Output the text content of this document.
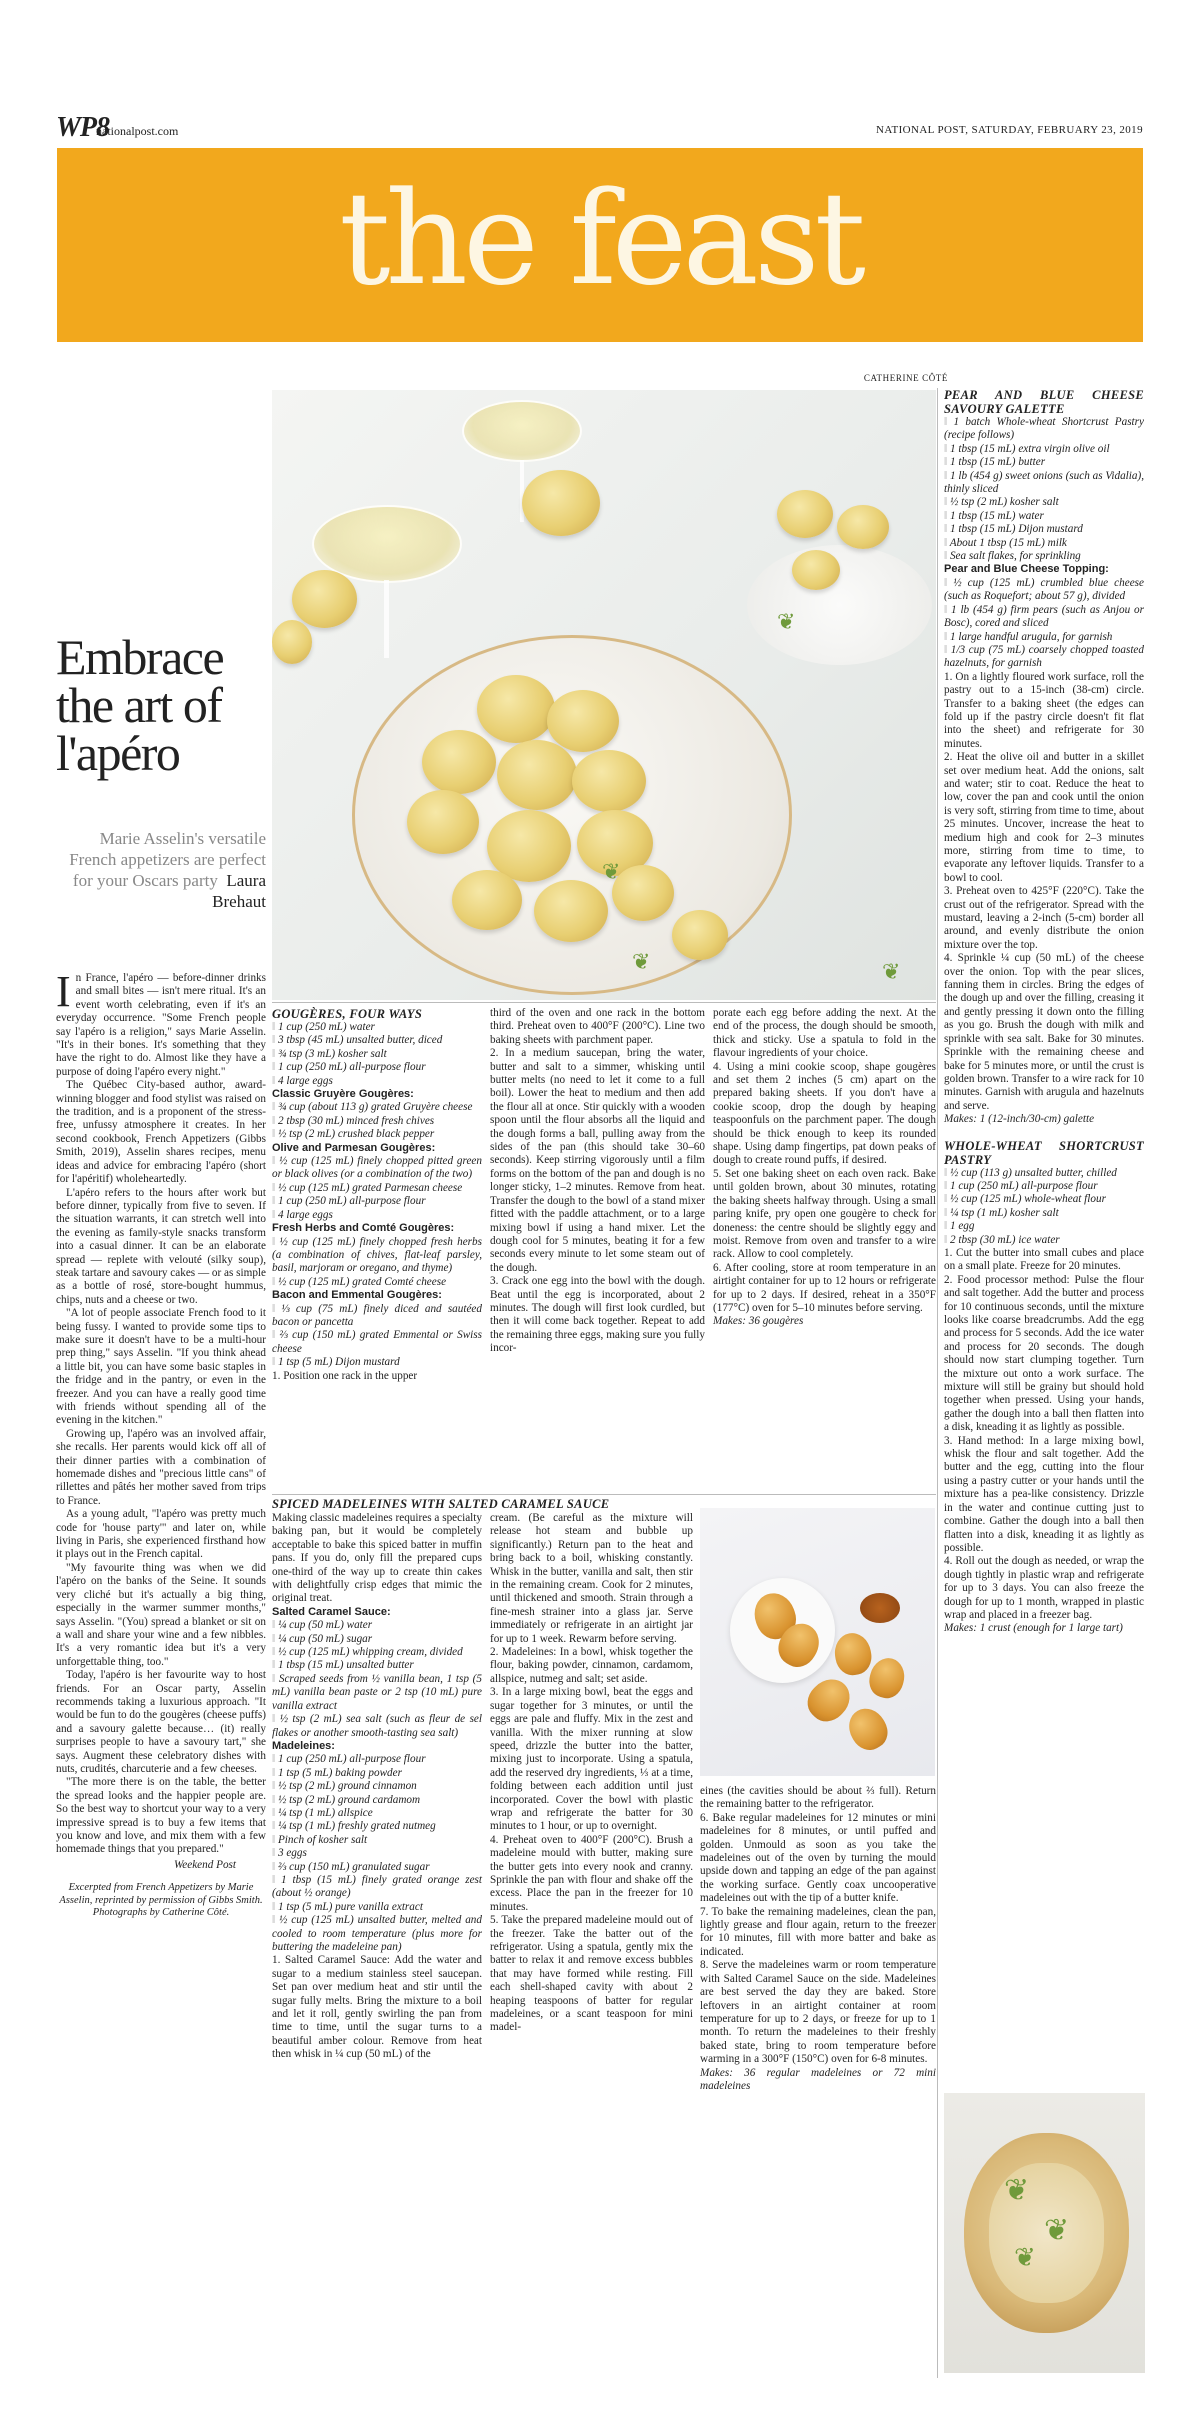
WP8
nationalpost.com	NATIONAL POST, SATURDAY, FEBRUARY 23, 2019
the feast
CATHERINE CÔTÉ
❦
❦
❦	❦
Embrace the art of l'apéro
Marie Asselin's versatile French appetizers are perfect for your Oscars party Laura Brehaut
I n France, l'apéro — before-dinner drinks and small bites — isn't mere ritual. It's an event worth celebrating, even if it's an everyday occurrence. "Some French people say l'apéro is a religion," says Marie Asselin. "It's in their bones. It's something that they have the right to do. Almost like they have a purpose of doing l'apéro every night."

The Québec City-based author, award-winning blogger and food stylist was raised on the tradition, and is a proponent of the stress-free, unfussy atmosphere it creates. In her second cookbook, French Appetizers (Gibbs Smith, 2019), Asselin shares recipes, menu ideas and advice for embracing l'apéro (short for l'apéritif) wholeheartedly.

L'apéro refers to the hours after work but before dinner, typically from five to seven. If the situation warrants, it can stretch well into the evening as family-style snacks transform into a casual dinner. It can be an elaborate spread — replete with velouté (silky soup), steak tartare and savoury cakes — or as simple as a bottle of rosé, store-bought hummus, chips, nuts and a cheese or two.

"A lot of people associate French food to it being fussy. I wanted to provide some tips to make sure it doesn't have to be a multi-hour prep thing," says Asselin. "If you think ahead a little bit, you can have some basic staples in the fridge and in the pantry, or even in the freezer. And you can have a really good time with friends without spending all of the evening in the kitchen."

Growing up, l'apéro was an involved affair, she recalls. Her parents would kick off all of their dinner parties with a combination of homemade dishes and "precious little cans" of rillettes and pâtés her mother saved from trips to France.

As a young adult, "l'apéro was pretty much code for 'house party'" and later on, while living in Paris, she experienced firsthand how it plays out in the French capital.

"My favourite thing was when we did l'apéro on the banks of the Seine. It sounds very cliché but it's actually a big thing, especially in the warmer summer months," says Asselin. "(You) spread a blanket or sit on a wall and share your wine and a few nibbles. It's a very romantic idea but it's a very unforgettable thing, too."

Today, l'apéro is her favourite way to host friends. For an Oscar party, Asselin recommends taking a luxurious approach. "It would be fun to do the gougères (cheese puffs) and a savoury galette because… (it) really surprises people to have a savoury tart," she says. Augment these celebratory dishes with nuts, crudités, charcuterie and a few cheeses.

"The more there is on the table, the better the spread looks and the happier people are. So the best way to shortcut your way to a very impressive spread is to buy a few items that you know and love, and mix them with a few homemade things that you prepared."

Weekend Post

Excerpted from French Appetizers by Marie Asselin, reprinted by permission of Gibbs Smith. Photographs by Catherine Côté.

GOUGÈRES, FOUR WAYS
‖ 1 cup (250 mL) water
‖ 3 tbsp (45 mL) unsalted butter, diced
‖ ¾ tsp (3 mL) kosher salt
‖ 1 cup (250 mL) all-purpose flour
‖ 4 large eggs
Classic Gruyère Gougères:
‖ ¾ cup (about 113 g) grated Gruyère cheese
‖ 2 tbsp (30 mL) minced fresh chives
‖ ½ tsp (2 mL) crushed black pepper
Olive and Parmesan Gougères:
‖ ½ cup (125 mL) finely chopped pitted green or black olives (or a combination of the two)
‖ ½ cup (125 mL) grated Parmesan cheese
‖ 1 cup (250 mL) all-purpose flour
‖ 4 large eggs
Fresh Herbs and Comté Gougères:
‖ ½ cup (125 mL) finely chopped fresh herbs (a combination of chives, flat-leaf parsley, basil, marjoram or oregano, and thyme)
‖ ½ cup (125 mL) grated Comté cheese
Bacon and Emmental Gougères:
‖ ⅓ cup (75 mL) finely diced and sautéed bacon or pancetta
‖ ⅔ cup (150 mL) grated Emmental or Swiss cheese
‖ 1 tsp (5 mL) Dijon mustard
1. Position one rack in the upper

third of the oven and one rack in the bottom third. Preheat oven to 400°F (200°C). Line two baking sheets with parchment paper.

2. In a medium saucepan, bring the water, butter and salt to a simmer, whisking until butter melts (no need to let it come to a full boil). Lower the heat to medium and then add the flour all at once. Stir quickly with a wooden spoon until the flour absorbs all the liquid and the dough forms a ball, pulling away from the sides of the pan (this should take 30–60 seconds). Keep stirring vigorously until a film forms on the bottom of the pan and dough is no longer sticky, 1–2 minutes. Remove from heat. Transfer the dough to the bowl of a stand mixer fitted with the paddle attachment, or to a large mixing bowl if using a hand mixer. Let the dough cool for 5 minutes, beating it for a few seconds every minute to let some steam out of the dough.

3. Crack one egg into the bowl with the dough. Beat until the egg is incorporated, about 2 minutes. The dough will first look curdled, but then it will come back together. Repeat to add the remaining three eggs, making sure you fully incor-

porate each egg before adding the next. At the end of the process, the dough should be smooth, thick and sticky. Use a spatula to fold in the flavour ingredients of your choice.

4. Using a mini cookie scoop, shape gougères and set them 2 inches (5 cm) apart on the prepared baking sheets. If you don't have a cookie scoop, drop the dough by heaping teaspoonfuls on the parchment paper. The dough should be thick enough to keep its rounded shape. Using damp fingertips, pat down peaks of dough to create round puffs, if desired.

5. Set one baking sheet on each oven rack. Bake until golden brown, about 30 minutes, rotating the baking sheets halfway through. Using a small paring knife, pry open one gougère to check for doneness: the centre should be slightly eggy and moist. Remove from oven and transfer to a wire rack. Allow to cool completely.

6. After cooling, store at room temperature in an airtight container for up to 12 hours or refrigerate for up to 2 days. If desired, reheat in a 350°F (177°C) oven for 5–10 minutes before serving.

Makes: 36 gougères

SPICED MADELEINES WITH SALTED CARAMEL SAUCE

Making classic madeleines requires a specialty baking pan, but it would be completely acceptable to bake this spiced batter in muffin pans. If you do, only fill the prepared cups one-third of the way up to create thin cakes with delightfully crisp edges that mimic the original treat.

Salted Caramel Sauce:
‖ ¼ cup (50 mL) water
‖ ¼ cup (50 mL) sugar
‖ ½ cup (125 mL) whipping cream, divided
‖ 1 tbsp (15 mL) unsalted butter
‖ Scraped seeds from ½ vanilla bean, 1 tsp (5 mL) vanilla bean paste or 2 tsp (10 mL) pure vanilla extract
‖ ½ tsp (2 mL) sea salt (such as fleur de sel flakes or another smooth-tasting sea salt)
Madeleines:
‖ 1 cup (250 mL) all-purpose flour
‖ 1 tsp (5 mL) baking powder
‖ ½ tsp (2 mL) ground cinnamon
‖ ½ tsp (2 mL) ground cardamom
‖ ¼ tsp (1 mL) allspice
‖ ¼ tsp (1 mL) freshly grated nutmeg
‖ Pinch of kosher salt
‖ 3 eggs
‖ ⅔ cup (150 mL) granulated sugar
‖ 1 tbsp (15 mL) finely grated orange zest (about ½ orange)
‖ 1 tsp (5 mL) pure vanilla extract
‖ ½ cup (125 mL) unsalted butter, melted and cooled to room temperature (plus more for buttering the madeleine pan)

1. Salted Caramel Sauce: Add the water and sugar to a medium stainless steel saucepan. Set pan over medium heat and stir until the sugar fully melts. Bring the mixture to a boil and let it roll, gently swirling the pan from time to time, until the sugar turns to a beautiful amber colour. Remove from heat then whisk in ¼ cup (50 mL) of the

cream. (Be careful as the mixture will release hot steam and bubble up significantly.) Return pan to the heat and bring back to a boil, whisking constantly. Whisk in the butter, vanilla and salt, then stir in the remaining cream. Cook for 2 minutes, until thickened and smooth. Strain through a fine-mesh strainer into a glass jar. Serve immediately or refrigerate in an airtight jar for up to 1 week. Rewarm before serving.

2. Madeleines: In a bowl, whisk together the flour, baking powder, cinnamon, cardamom, allspice, nutmeg and salt; set aside.

3. In a large mixing bowl, beat the eggs and sugar together for 3 minutes, or until the eggs are pale and fluffy. Mix in the zest and vanilla. With the mixer running at slow speed, drizzle the butter into the batter, mixing just to incorporate. Using a spatula, add the reserved dry ingredients, ⅓ at a time, folding between each addition until just incorporated. Cover the bowl with plastic wrap and refrigerate the batter for 30 minutes to 1 hour, or up to overnight.

4. Preheat oven to 400°F (200°C). Brush a madeleine mould with butter, making sure the butter gets into every nook and cranny. Sprinkle the pan with flour and shake off the excess. Place the pan in the freezer for 10 minutes.

5. Take the prepared madeleine mould out of the freezer. Take the batter out of the refrigerator. Using a spatula, gently mix the batter to relax it and remove excess bubbles that may have formed while resting. Fill each shell-shaped cavity with about 2 heaping teaspoons of batter for regular madeleines, or a scant teaspoon for mini madel-

eines (the cavities should be about ⅔ full). Return the remaining batter to the refrigerator.

6. Bake regular madeleines for 12 minutes or mini madeleines for 8 minutes, or until puffed and golden. Unmould as soon as you take the madeleines out of the oven by turning the mould upside down and tapping an edge of the pan against the working surface. Gently coax uncooperative madeleines out with the tip of a butter knife.

7. To bake the remaining madeleines, clean the pan, lightly grease and flour again, return to the freezer for 10 minutes, fill with more batter and bake as indicated.

8. Serve the madeleines warm or room temperature with Salted Caramel Sauce on the side. Madeleines are best served the day they are baked. Store leftovers in an airtight container at room temperature for up to 2 days, or freeze for up to 1 month. To return the madeleines to their freshly baked state, bring to room temperature before warming in a 300°F (150°C) oven for 6-8 minutes.

Makes: 36 regular madeleines or 72 mini madeleines

PEAR AND BLUE CHEESE SAVOURY GALETTE
‖ 1 batch Whole-wheat Shortcrust Pastry (recipe follows)
‖ 1 tbsp (15 mL) extra virgin olive oil
‖ 1 tbsp (15 mL) butter
‖ 1 lb (454 g) sweet onions (such as Vidalia), thinly sliced
‖ ½ tsp (2 mL) kosher salt
‖ 1 tbsp (15 mL) water
‖ 1 tbsp (15 mL) Dijon mustard
‖ About 1 tbsp (15 mL) milk
‖ Sea salt flakes, for sprinkling
Pear and Blue Cheese Topping:
‖ ½ cup (125 mL) crumbled blue cheese (such as Roquefort; about 57 g), divided
‖ 1 lb (454 g) firm pears (such as Anjou or Bosc), cored and sliced
‖ 1 large handful arugula, for garnish
‖ 1/3 cup (75 mL) coarsely chopped toasted hazelnuts, for garnish

1. On a lightly floured work surface, roll the pastry out to a 15-inch (38-cm) circle. Transfer to a baking sheet (the edges can fold up if the pastry circle doesn't fit flat into the sheet) and refrigerate for 30 minutes.

2. Heat the olive oil and butter in a skillet set over medium heat. Add the onions, salt and water; stir to coat. Reduce the heat to low, cover the pan and cook until the onion is very soft, stirring from time to time, about 25 minutes. Uncover, increase the heat to medium high and cook for 2–3 minutes more, stirring from time to time, to evaporate any leftover liquids. Transfer to a bowl to cool.

3. Preheat oven to 425°F (220°C). Take the crust out of the refrigerator. Spread with the mustard, leaving a 2-inch (5-cm) border all around, and evenly distribute the onion mixture over the top.

4. Sprinkle ¼ cup (50 mL) of the cheese over the onion. Top with the pear slices, fanning them in circles. Bring the edges of the dough up and over the filling, creasing it and gently pressing it down onto the filling as you go. Brush the dough with milk and sprinkle with sea salt. Bake for 30 minutes. Sprinkle with the remaining cheese and bake for 5 minutes more, or until the crust is golden brown. Transfer to a wire rack for 10 minutes. Garnish with arugula and hazelnuts and serve.

Makes: 1 (12-inch/30-cm) galette

WHOLE-WHEAT SHORTCRUST PASTRY
‖ ½ cup (113 g) unsalted butter, chilled
‖ 1 cup (250 mL) all-purpose flour
‖ ½ cup (125 mL) whole-wheat flour
‖ ¼ tsp (1 mL) kosher salt
‖ 1 egg
‖ 2 tbsp (30 mL) ice water

1. Cut the butter into small cubes and place on a small plate. Freeze for 20 minutes.

2. Food processor method: Pulse the flour and salt together. Add the butter and process for 10 continuous seconds, until the mixture looks like coarse breadcrumbs. Add the egg and process for 5 seconds. Add the ice water and process for 20 seconds. The dough should now start clumping together. Turn the mixture out onto a work surface. The mixture will still be grainy but should hold together when pressed. Using your hands, gather the dough into a ball then flatten into a disk, kneading it as lightly as possible.

3. Hand method: In a large mixing bowl, whisk the flour and salt together. Add the butter and the egg, cutting into the flour using a pastry cutter or your hands until the mixture has a pea-like consistency. Drizzle in the water and continue cutting just to combine. Gather the dough into a ball then flatten into a disk, kneading it as lightly as possible.

4. Roll out the dough as needed, or wrap the dough tightly in plastic wrap and refrigerate for up to 3 days. You can also freeze the dough for up to 1 month, wrapped in plastic wrap and placed in a freezer bag.

Makes: 1 crust (enough for 1 large tart)

❦
❦
❦
